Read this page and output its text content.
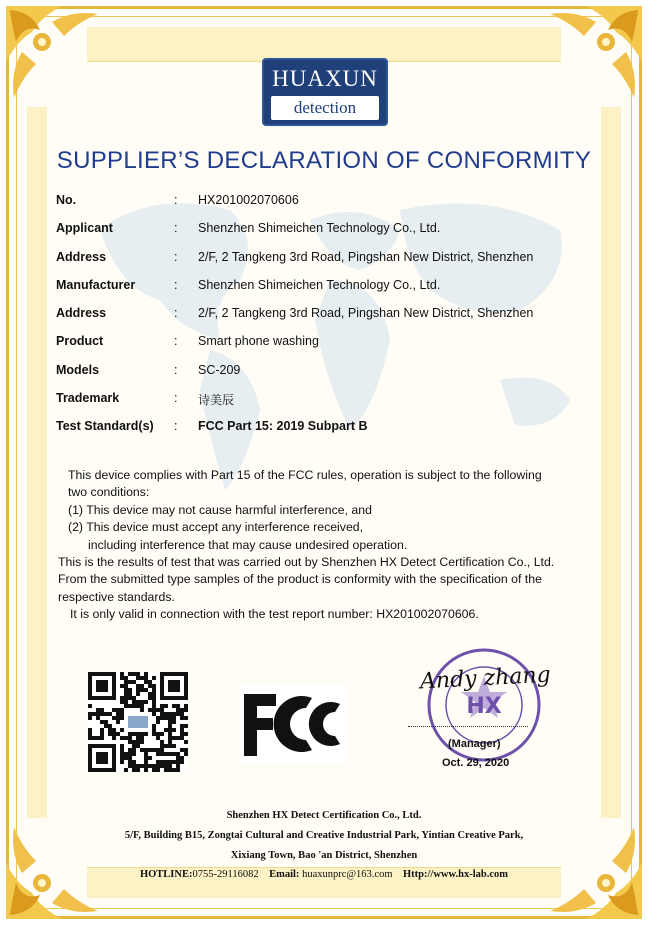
HUAXUN
detection
SUPPLIER’S DECLARATION OF CONFORMITY
No.	: HX201002070606
Applicant	: Shenzhen Shimeichen Technology Co., Ltd.
Address	: 2/F, 2 Tangkeng 3rd Road, Pingshan New District, Shenzhen
Manufacturer	: Shenzhen Shimeichen Technology Co., Ltd.
Address	: 2/F, 2 Tangkeng 3rd Road, Pingshan New District, Shenzhen
Product	: Smart phone washing
Models	: SC-209
Trademark	: 诗美辰
Test Standard(s) : FCC Part 15: 2019 Subpart B

This device complies with Part 15 of the FCC rules, operation is subject to the following

two conditions:

(1) This device may not cause harmful interference, and

(2) This device must accept any interference received,

including interference that may cause undesired operation.

This is the results of test that was carried out by Shenzhen HX Detect Certification Co., Ltd.

From the submitted type samples of the product is conformity with the specification of the

respective standards.

It is only valid in connection with the test report number: HX201002070606.

HX
Andy zhang
(Manager)
Oct. 29, 2020
Shenzhen HX Detect Certification Co., Ltd.
5/F, Building B15, Zongtai Cultural and Creative Industrial Park, Yintian Creative Park,
Xixiang Town, Bao 'an District, Shenzhen
HOTLINE:0755-29116082 Email: huaxunprc@163.com Http://www.hx-lab.com
